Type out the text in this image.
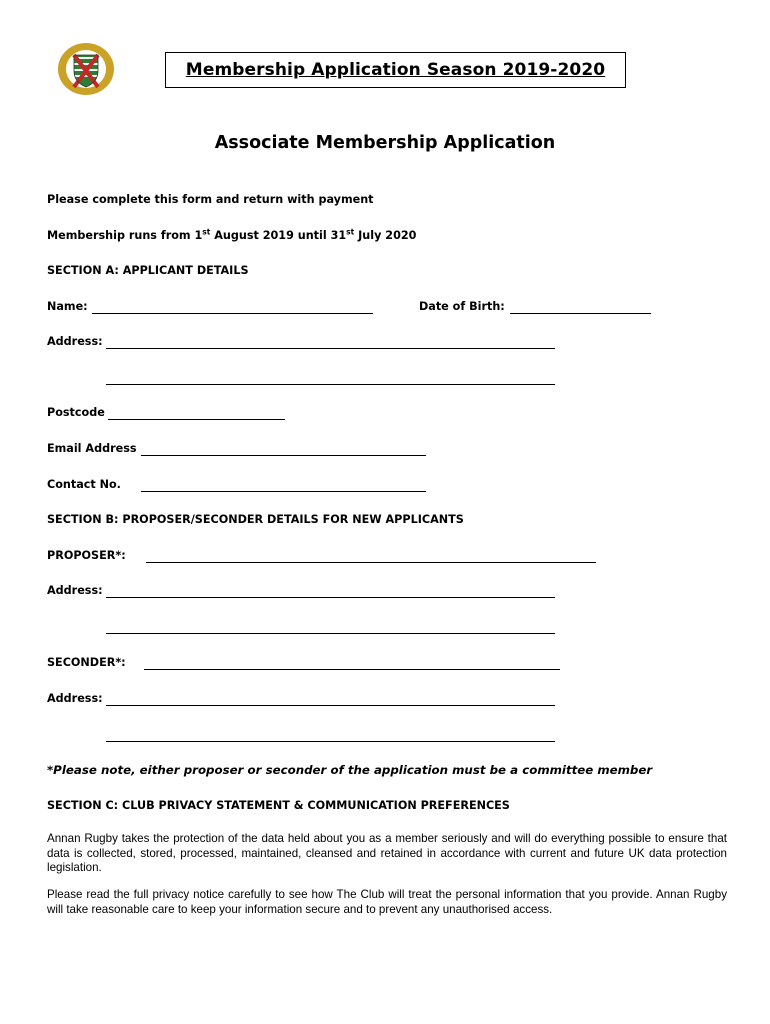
Membership Application Season 2019-2020
Associate Membership Application
Please complete this form and return with payment
Membership runs from 1st August 2019 until 31st July 2020
SECTION A: APPLICANT DETAILS
Name:	Date of Birth:
Address:
Postcode
Email Address
Contact No.
SECTION B: PROPOSER/SECONDER DETAILS FOR NEW APPLICANTS
PROPOSER*:
Address:
SECONDER*:
Address:
*Please note, either proposer or seconder of the application must be a committee member
SECTION C: CLUB PRIVACY STATEMENT & COMMUNICATION PREFERENCES
Annan Rugby takes the protection of the data held about you as a member seriously and will do everything possible to ensure that data is collected, stored, processed, maintained, cleansed and retained in accordance with current and future UK data protection legislation.
Please read the full privacy notice carefully to see how The Club will treat the personal information that you provide. Annan Rugby will take reasonable care to keep your information secure and to prevent any unauthorised access.
